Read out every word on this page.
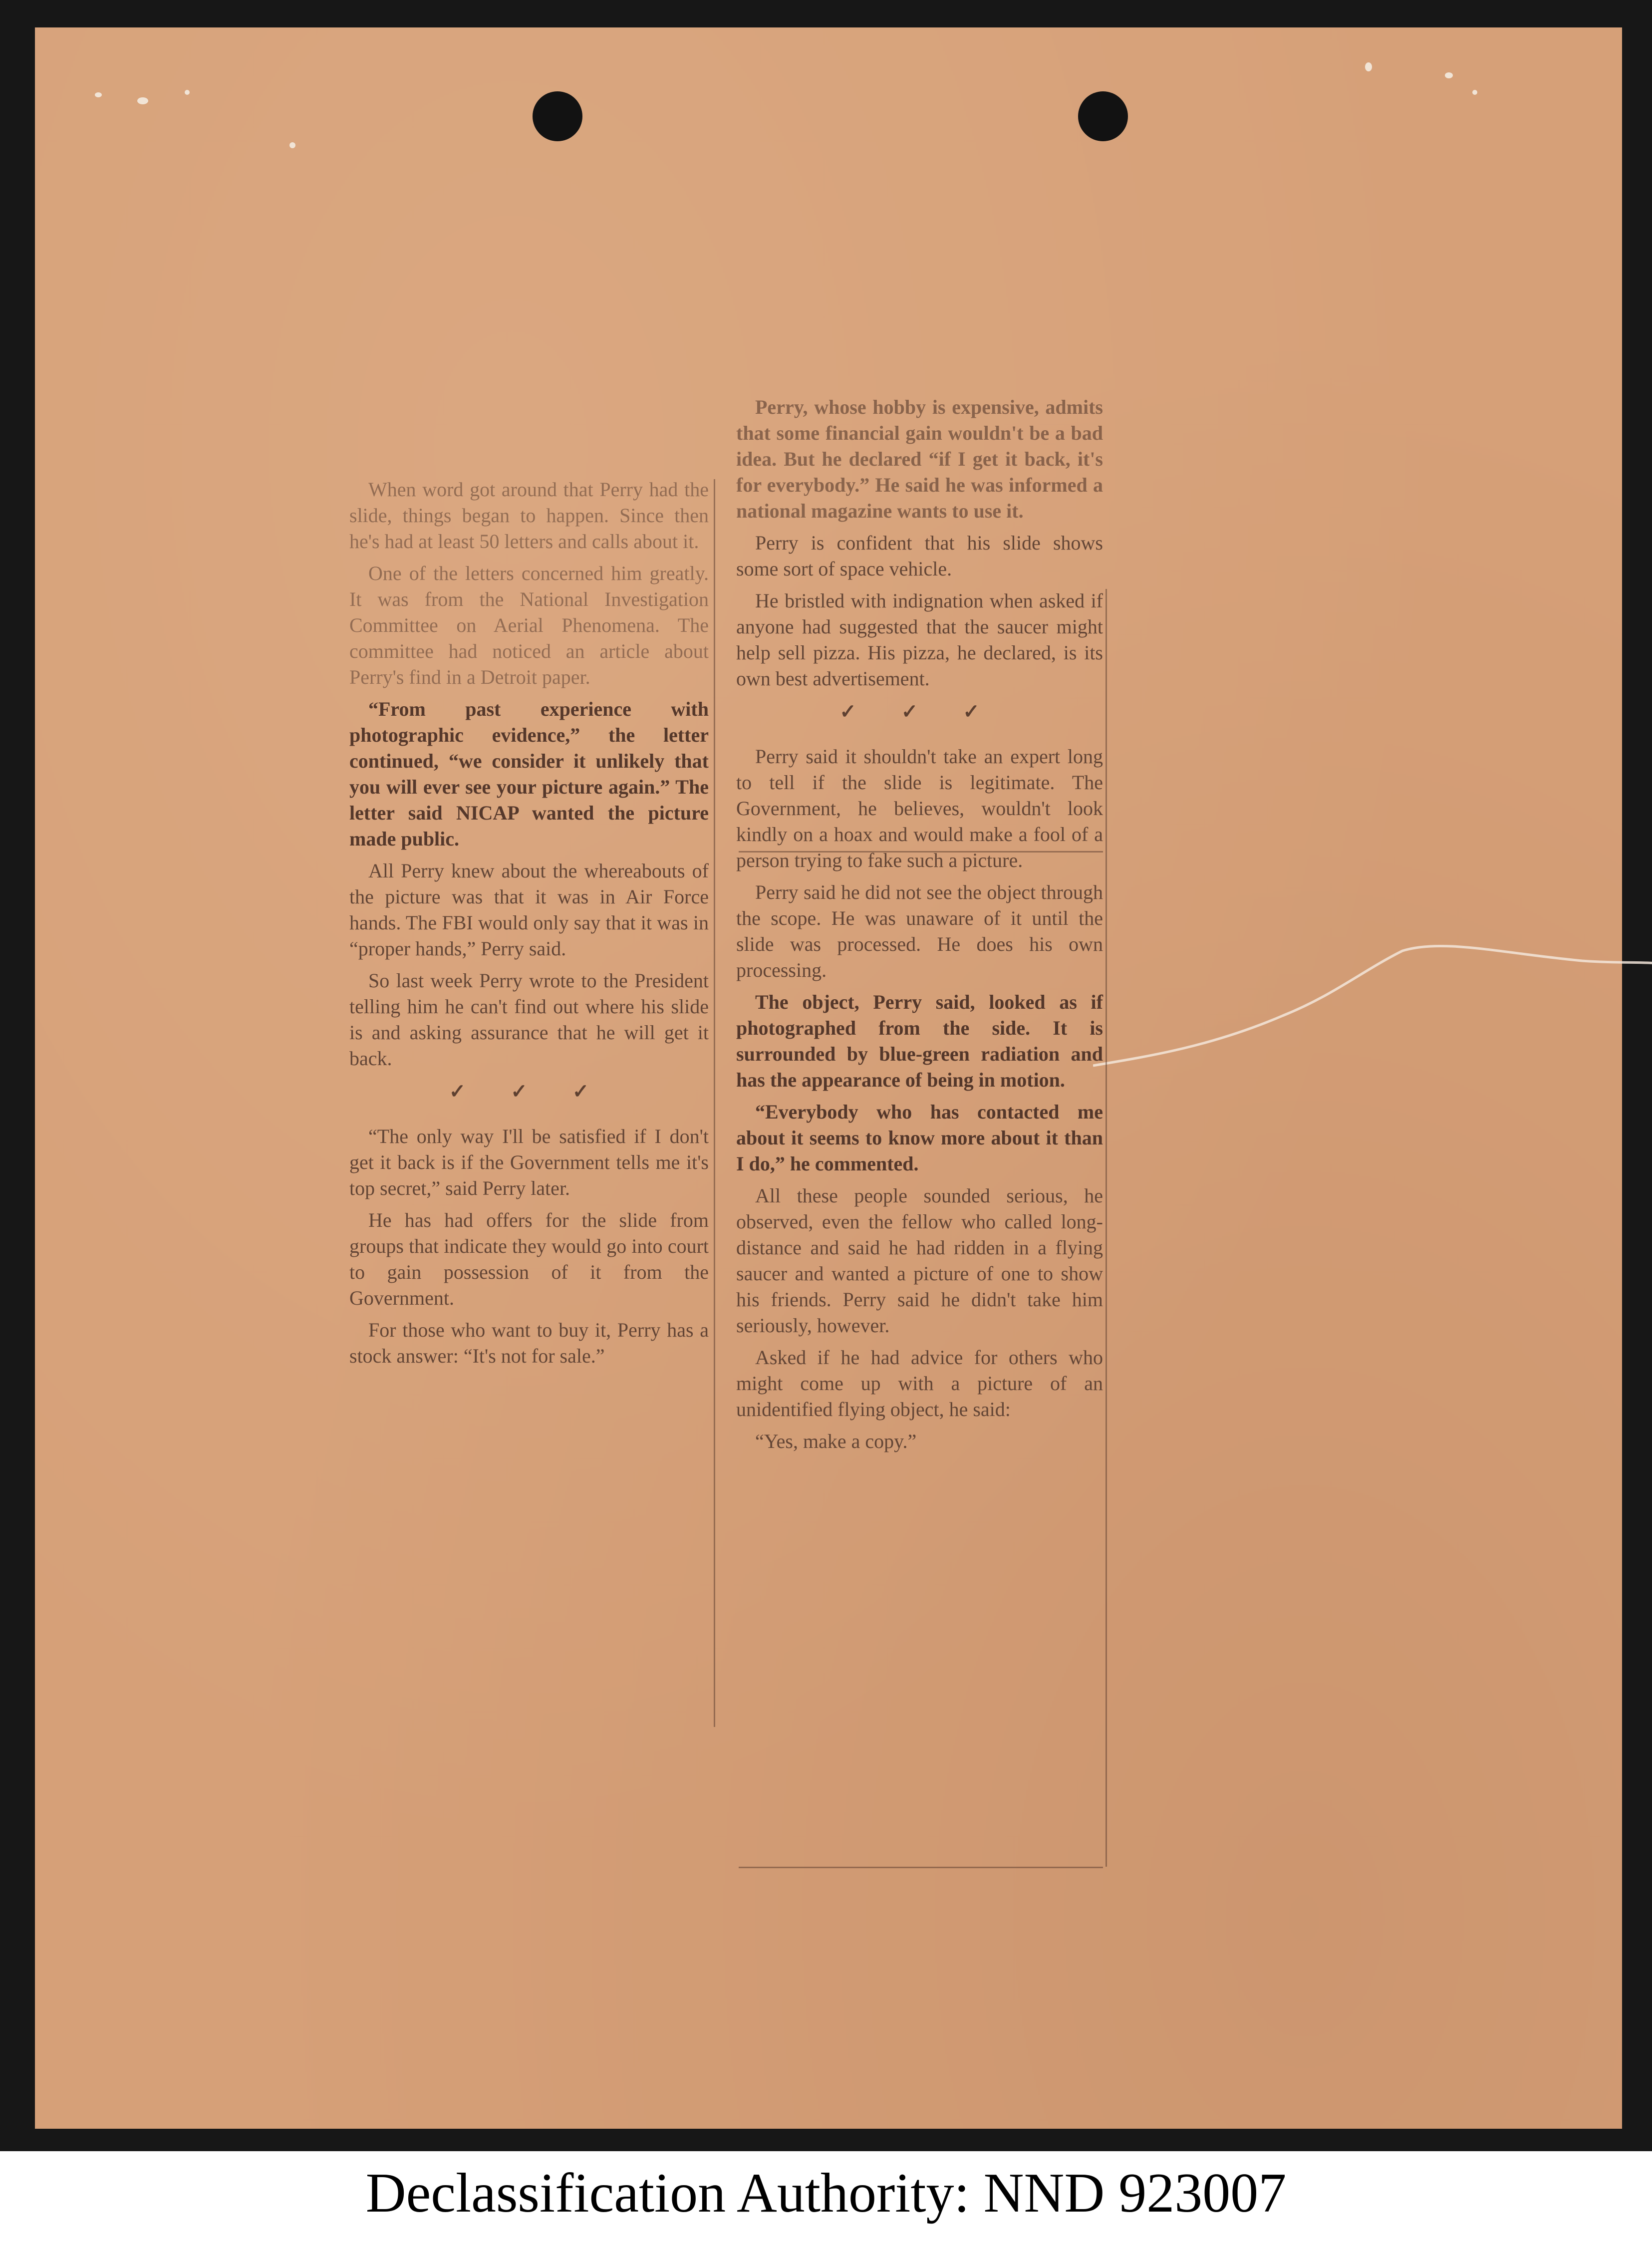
When word got around that Perry had the slide, things began to happen. Since then he's had at least 50 letters and calls about it.

One of the letters concerned him greatly. It was from the National Investigation Committee on Aerial Phenomena. The committee had noticed an article about Perry's find in a Detroit paper.

“From past experience with photographic evidence,” the letter continued, “we consider it unlikely that you will ever see your picture again.” The letter said NICAP wanted the picture made public.

All Perry knew about the whereabouts of the picture was that it was in Air Force hands. The FBI would only say that it was in “proper hands,” Perry said.

So last week Perry wrote to the President telling him he can't find out where his slide is and asking assurance that he will get it back.

✓ ✓ ✓

“The only way I'll be satisfied if I don't get it back is if the Government tells me it's top secret,” said Perry later.

He has had offers for the slide from groups that indicate they would go into court to gain possession of it from the Government.

For those who want to buy it, Perry has a stock answer: “It's not for sale.”

Perry, whose hobby is expensive, admits that some financial gain wouldn't be a bad idea. But he declared “if I get it back, it's for everybody.” He said he was informed a national magazine wants to use it.

Perry is confident that his slide shows some sort of space vehicle.

He bristled with indignation when asked if anyone had suggested that the saucer might help sell pizza. His pizza, he declared, is its own best advertisement.

✓ ✓ ✓

Perry said it shouldn't take an expert long to tell if the slide is legitimate. The Government, he believes, wouldn't look kindly on a hoax and would make a fool of a person trying to fake such a picture.

Perry said he did not see the object through the scope. He was unaware of it until the slide was processed. He does his own processing.

The object, Perry said, looked as if photographed from the side. It is surrounded by blue-green radiation and has the appearance of being in motion.

“Everybody who has contacted me about it seems to know more about it than I do,” he commented.

All these people sounded serious, he observed, even the fellow who called long-distance and said he had ridden in a flying saucer and wanted a picture of one to show his friends. Perry said he didn't take him seriously, however.

Asked if he had advice for others who might come up with a picture of an unidentified flying object, he said:

“Yes, make a copy.”

Declassification Authority: NND 923007
